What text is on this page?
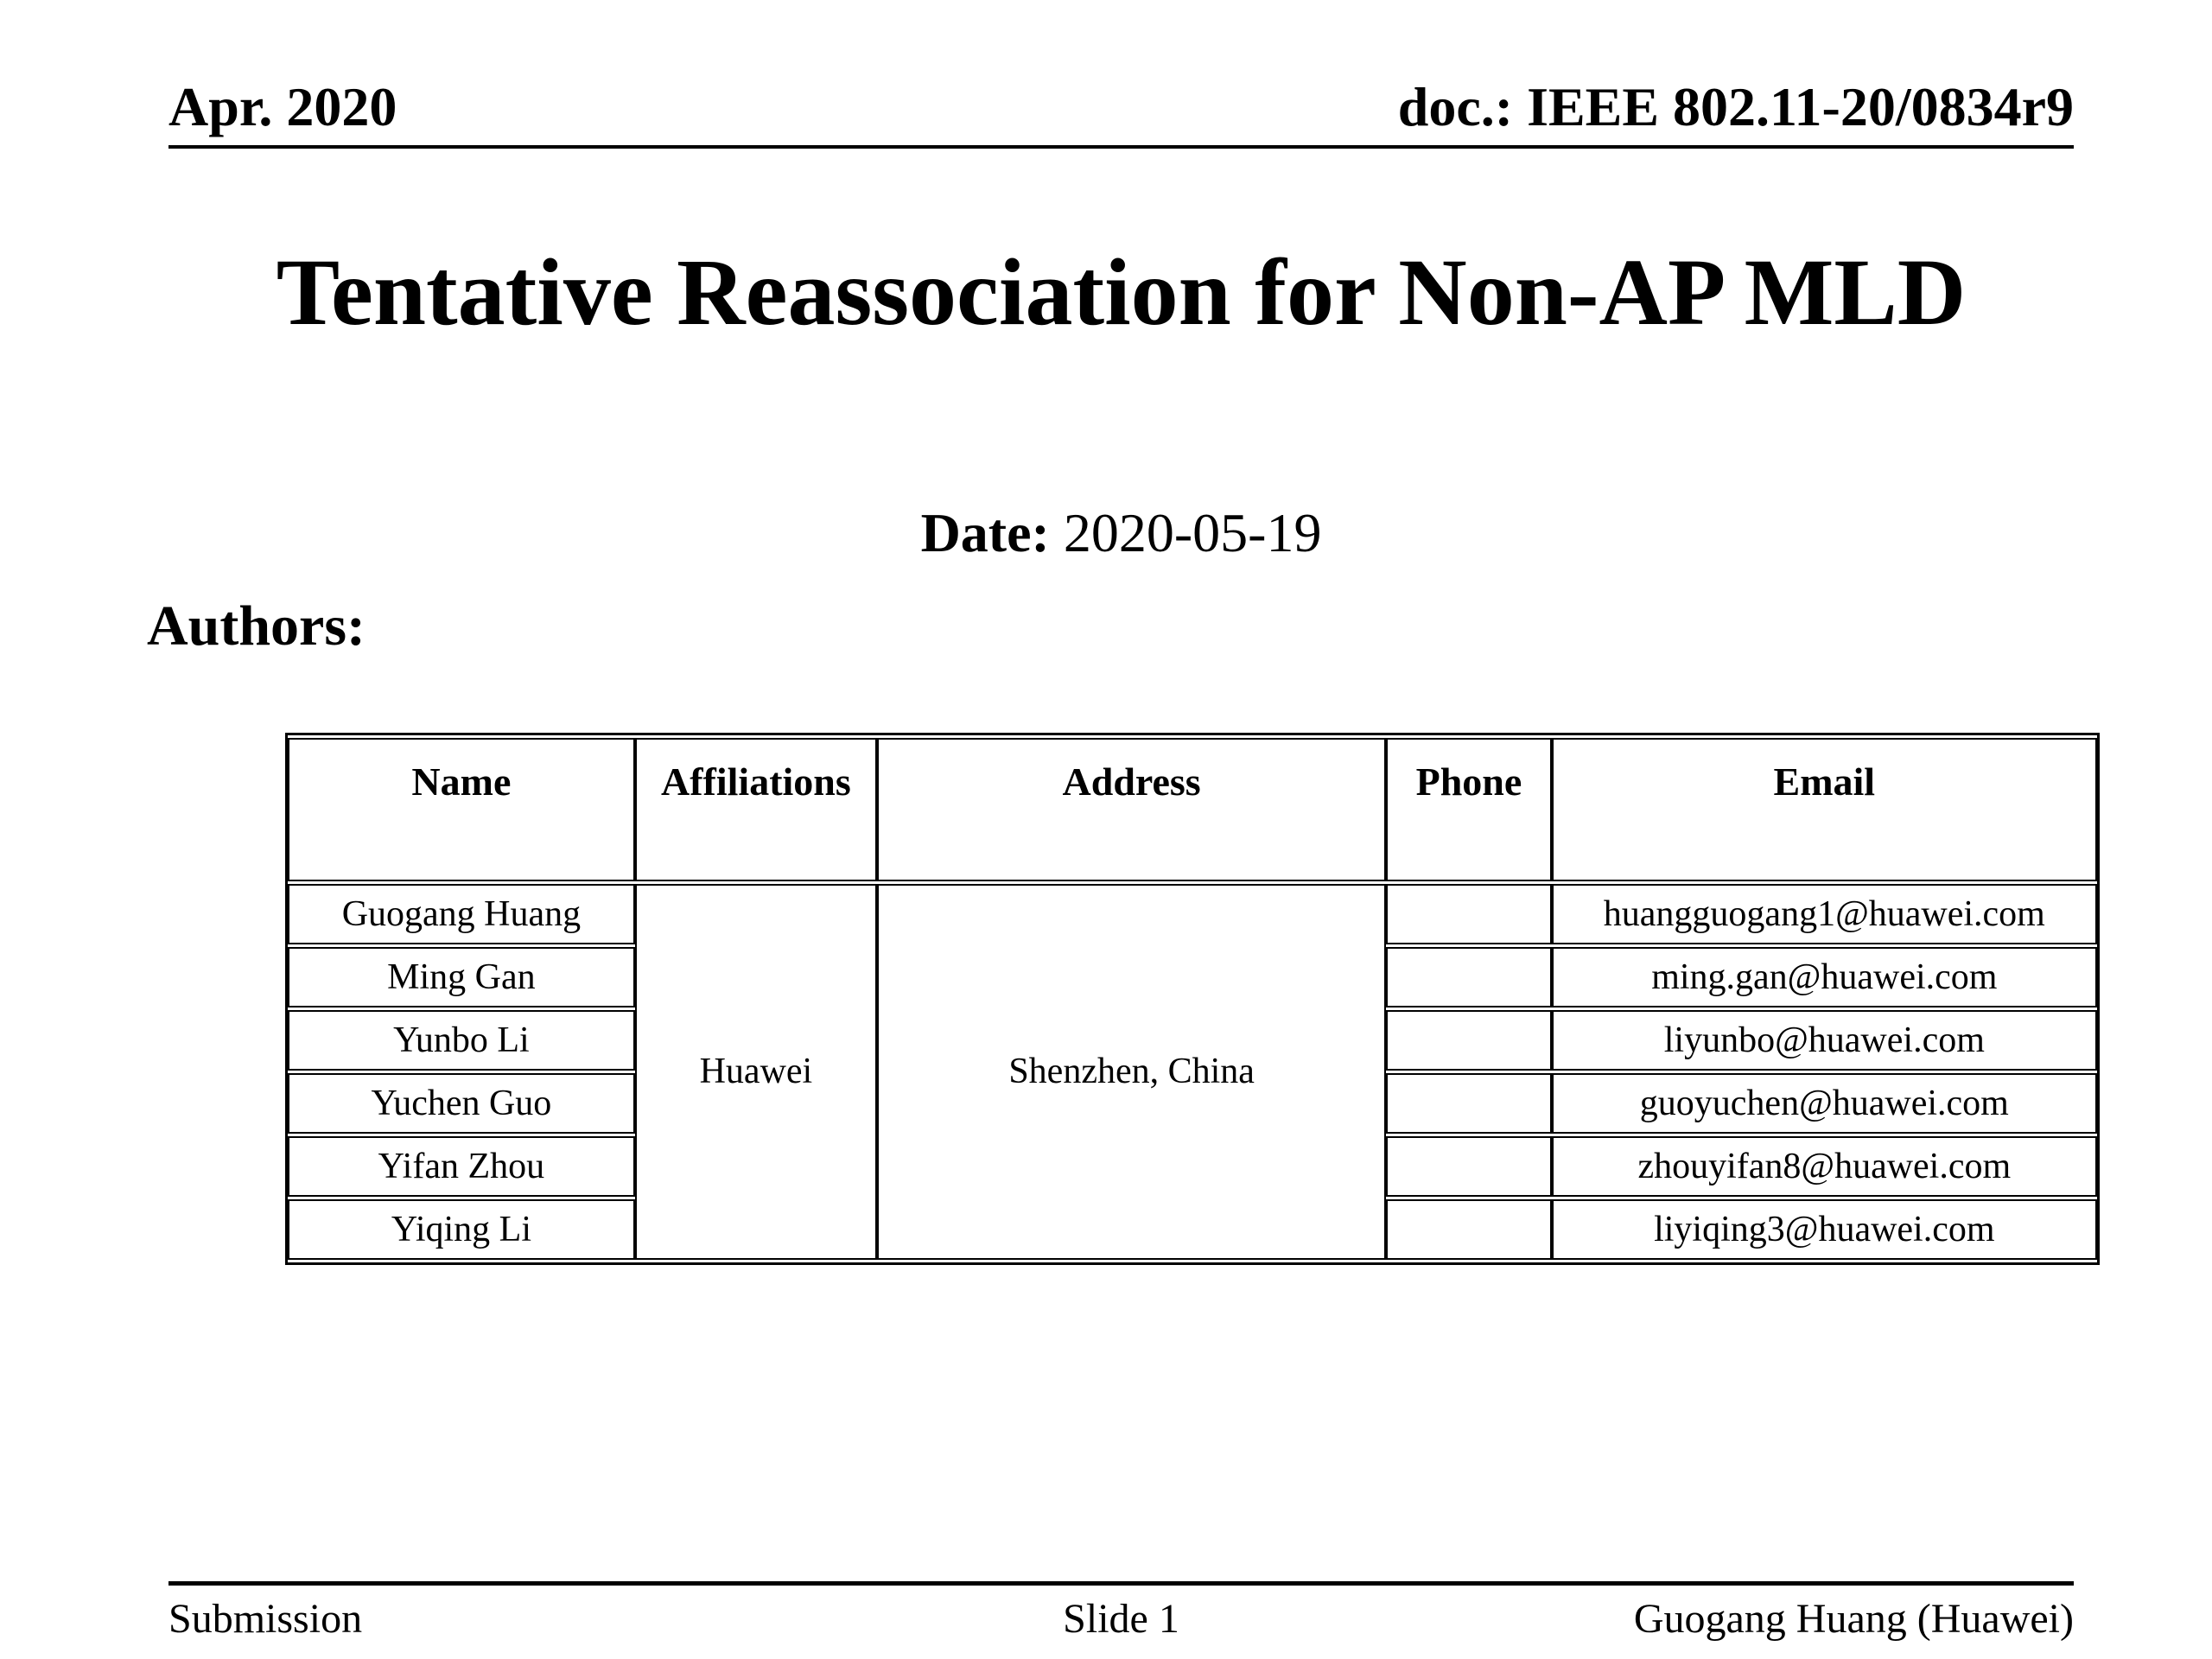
Apr. 2020	doc.: IEEE 802.11-20/0834r9
Tentative Reassociation for Non-AP MLD
Date: 2020-05-19
Authors:
Name	Affiliations	Address	Phone	Email
Guogang Huang	Huawei	Shenzhen, China		huangguogang1@huawei.com
Ming Gan				ming.gan@huawei.com
Yunbo Li				liyunbo@huawei.com
Yuchen Guo				guoyuchen@huawei.com
Yifan Zhou				zhouyifan8@huawei.com
Yiqing Li				liyiqing3@huawei.com
Slide 1
Submission	Guogang Huang (Huawei)
